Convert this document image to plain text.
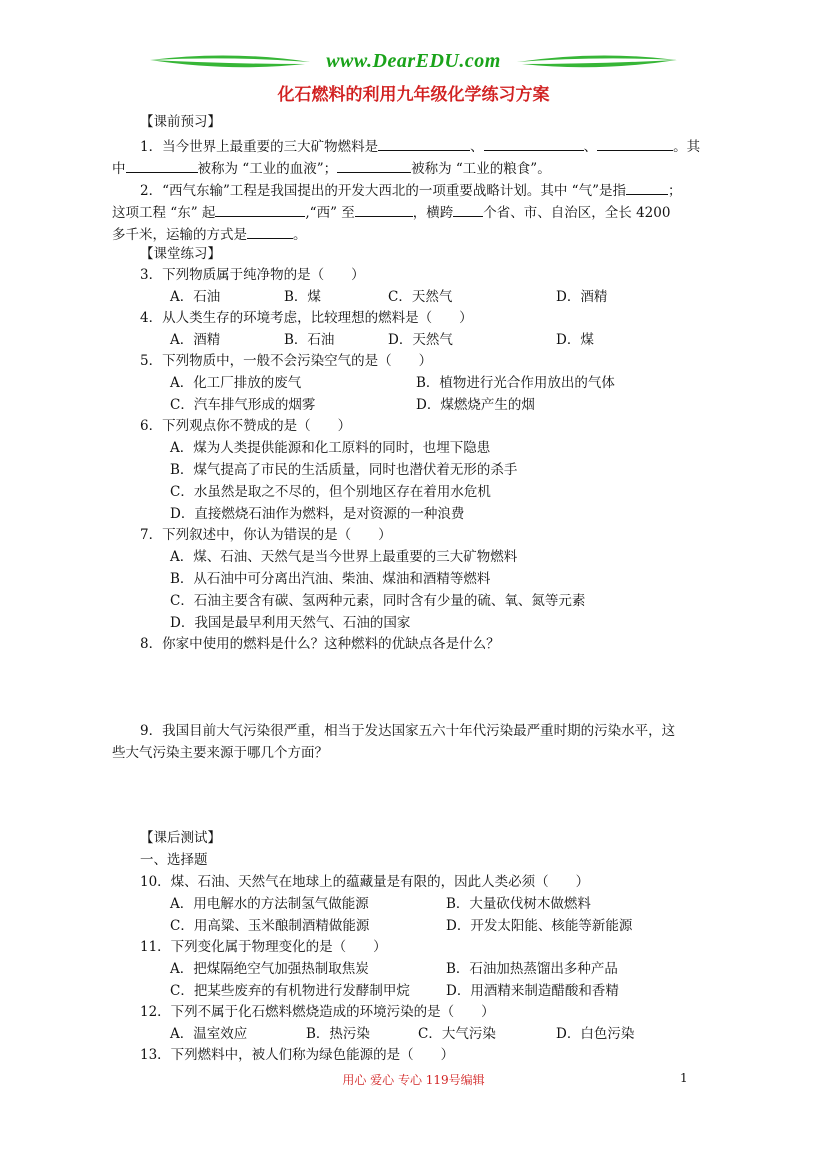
www.DearEDU.com
化石燃料的利用九年级化学练习方案
【课前预习】
1．当今世界上最重要的三大矿物燃料是	、	、	。其
中	被称为 “工业的血液”；	被称为 “工业的粮食”。
2．“西气东输”工程是我国提出的开发大西北的一项重要战略计划。其中 “气”是指	；
这项工程 “东” 起	,“西” 至	，横跨 个省、市、自治区，全长 4200
多千米，运输的方式是	。
【课堂练习】
3．下列物质属于纯净物的是（　　）
A．石油	B．煤	C．天然气	D．酒精
4．从人类生存的环境考虑，比较理想的燃料是（　　）
A．酒精	B．石油	D．天然气	D．煤
5．下列物质中，一般不会污染空气的是（　　）
A．化工厂排放的废气	B．植物进行光合作用放出的气体
C．汽车排气形成的烟雾	D．煤燃烧产生的烟
6．下列观点你不赞成的是（　　）
A．煤为人类提供能源和化工原料的同时，也埋下隐患
B．煤气提高了市民的生活质量，同时也潜伏着无形的杀手
C．水虽然是取之不尽的，但个别地区存在着用水危机
D．直接燃烧石油作为燃料，是对资源的一种浪费
7．下列叙述中，你认为错误的是（　　）
A．煤、石油、天然气是当今世界上最重要的三大矿物燃料
B．从石油中可分离出汽油、柴油、煤油和酒精等燃料
C．石油主要含有碳、氢两种元素，同时含有少量的硫、氧、氮等元素
D．我国是最早利用天然气、石油的国家
8．你家中使用的燃料是什么？这种燃料的优缺点各是什么？
9．我国目前大气污染很严重，相当于发达国家五六十年代污染最严重时期的污染水平，这
些大气污染主要来源于哪几个方面？
【课后测试】
一、选择题
10．煤、石油、天然气在地球上的蕴藏量是有限的，因此人类必须（　　）
A．用电解水的方法制氢气做能源	B．大量砍伐树木做燃料
C．用高粱、玉米酿制酒精做能源	D．开发太阳能、核能等新能源
11．下列变化属于物理变化的是（　　）
A．把煤隔绝空气加强热制取焦炭	B．石油加热蒸馏出多种产品
C．把某些废弃的有机物进行发酵制甲烷	D．用酒精来制造醋酸和香精
12．下列不属于化石燃料燃烧造成的环境污染的是（　　）
A．温室效应	B．热污染	C．大气污染	D．白色污染
13．下列燃料中，被人们称为绿色能源的是（　　）
用心 爱心 专心 119号编辑	1
